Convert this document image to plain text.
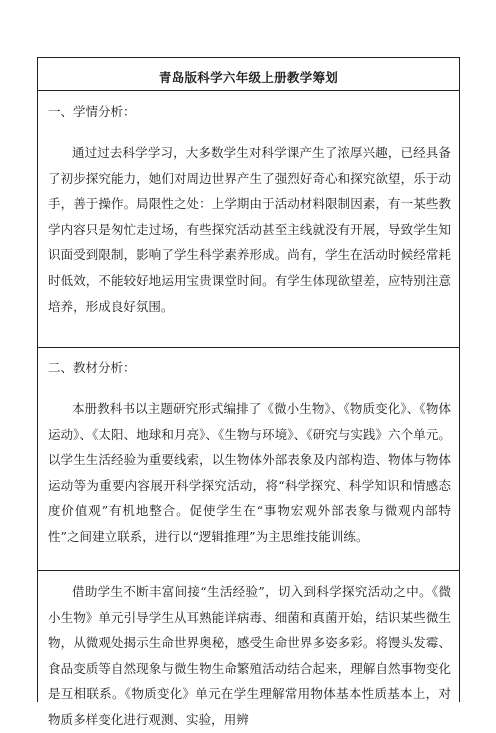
青岛版科学六年级上册教学筹划
一、学情分析：
通过过去科学学习，大多数学生对科学课产生了浓厚兴趣，已经具备了初步探究能力，她们对周边世界产生了强烈好奇心和探究欲望，乐于动手，善于操作。局限性之处：上学期由于活动材料限制因素，有一某些教学内容只是匆忙走过场，有些探究活动甚至主线就没有开展，导致学生知识面受到限制，影响了学生科学素养形成。尚有，学生在活动时候经常耗时低效，不能较好地运用宝贵课堂时间。有学生体现欲望差，应特别注意培养，形成良好氛围。
二、教材分析：
本册教科书以主题研究形式编排了《微小生物》、《物质变化》、《物体运动》、《太阳、地球和月亮》、《生物与环境》、《研究与实践》六个单元。以学生生活经验为重要线索，以生物体外部表象及内部构造、物体与物体运动等为重要内容展开科学探究活动，将“科学探究、科学知识和情感态度价值观”有机地整合。促使学生在“事物宏观外部表象与微观内部特性”之间建立联系，进行以“逻辑推理”为主思维技能训练。
借助学生不断丰富间接“生活经验”，切入到科学探究活动之中。《微小生物》单元引导学生从耳熟能详病毒、细菌和真菌开始，结识某些微生物，从微观处揭示生命世界奥秘，感受生命世界多姿多彩。将馒头发霉、食品变质等自然现象与微生物生命繁殖活动结合起来，理解自然事物变化是互相联系。《物质变化》单元在学生理解常用物体基本性质基本上，对物质多样变化进行观测、实验，用辨
